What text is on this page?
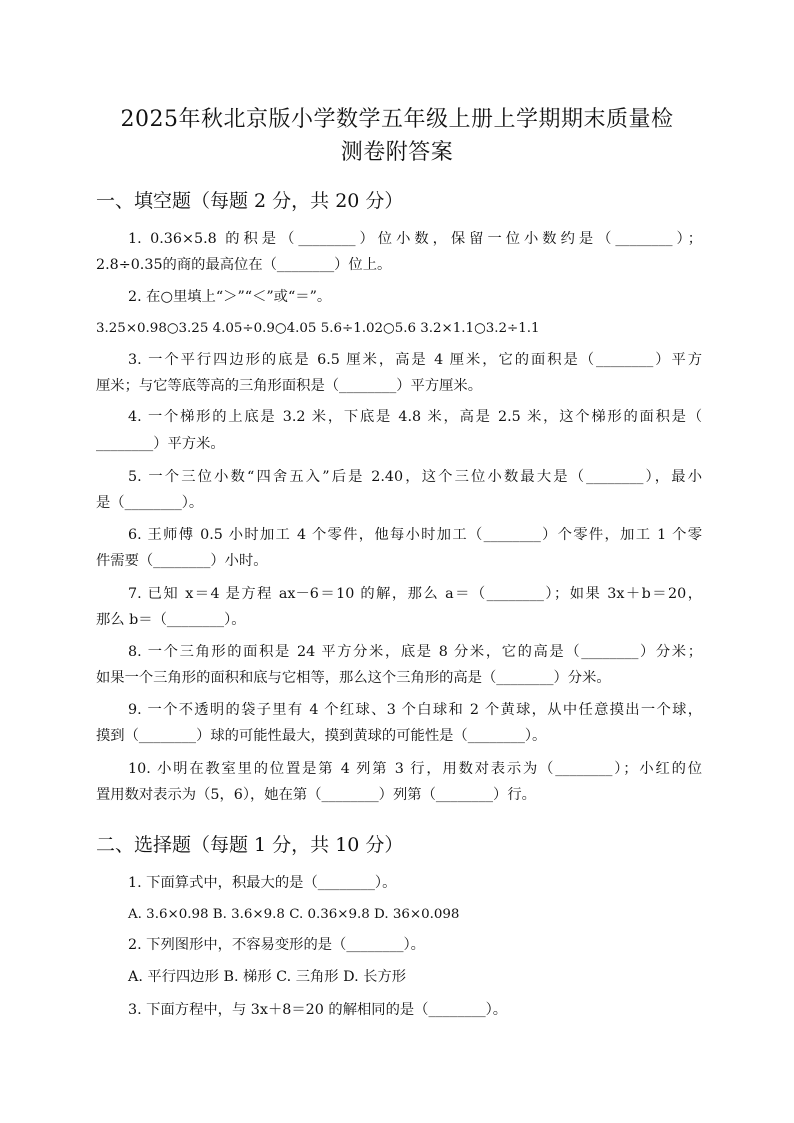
2025年秋北京版小学数学五年级上册上学期期末质量检
测卷附答案
一、填空题（每题 2 分，共 20 分）
1. 0.36×5.8 的积是（________）位小数，保留一位小数约是（________）；
2.8÷0.35的商的最高位在（________）位上。
2. 在○里填上“＞”“＜”或“＝”。
3.25×0.98○3.25 4.05÷0.9○4.05 5.6÷1.02○5.6 3.2×1.1○3.2÷1.1
3. 一个平行四边形的底是 6.5 厘米，高是 4 厘米，它的面积是（________）平方
厘米；与它等底等高的三角形面积是（________）平方厘米。
4. 一个梯形的上底是 3.2 米，下底是 4.8 米，高是 2.5 米，这个梯形的面积是（
________）平方米。
5. 一个三位小数“四舍五入”后是 2.40，这个三位小数最大是（________），最小
是（________）。
6. 王师傅 0.5 小时加工 4 个零件，他每小时加工（________）个零件，加工 1 个零
件需要（________）小时。
7. 已知 x＝4 是方程 ax－6＝10 的解，那么 a＝（________）；如果 3x＋b＝20，
那么 b＝（________）。
8. 一个三角形的面积是 24 平方分米，底是 8 分米，它的高是（________）分米；
如果一个三角形的面积和底与它相等，那么这个三角形的高是（________）分米。
9. 一个不透明的袋子里有 4 个红球、3 个白球和 2 个黄球，从中任意摸出一个球，
摸到（________）球的可能性最大，摸到黄球的可能性是（________）。
10. 小明在教室里的位置是第 4 列第 3 行，用数对表示为（________）；小红的位
置用数对表示为（5，6），她在第（________）列第（________）行。
二、选择题（每题 1 分，共 10 分）
1. 下面算式中，积最大的是（________）。
A. 3.6×0.98 B. 3.6×9.8 C. 0.36×9.8 D. 36×0.098
2. 下列图形中，不容易变形的是（________）。
A. 平行四边形 B. 梯形 C. 三角形 D. 长方形
3. 下面方程中，与 3x＋8＝20 的解相同的是（________）。
